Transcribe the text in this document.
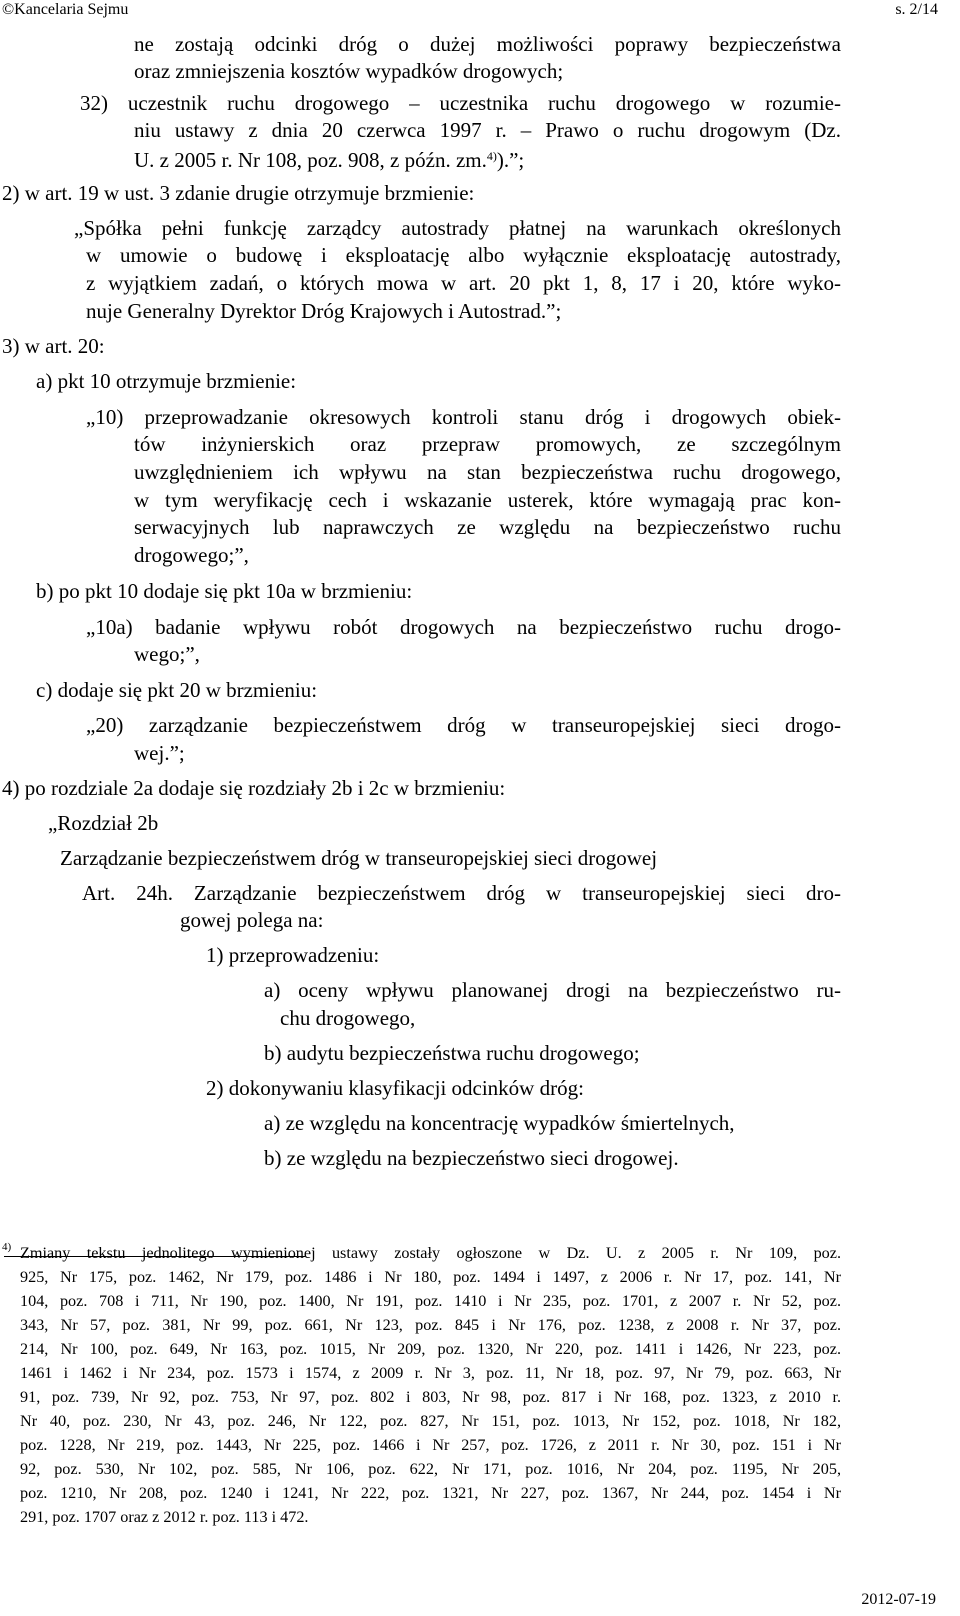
©Kancelaria Sejmu	s. 2/14
ne zostają odcinki dróg o dużej możliwości poprawy bezpieczeństwa
oraz zmniejszenia kosztów wypadków drogowych;
32) uczestnik ruchu drogowego – uczestnika ruchu drogowego w rozumie-
niu ustawy z dnia 20 czerwca 1997 r. – Prawo o ruchu drogowym (Dz.
U. z 2005 r. Nr 108, poz. 908, z późn. zm.$^{4)}$).”;
2) w art. 19 w ust. 3 zdanie drugie otrzymuje brzmienie:
„Spółka pełni funkcję zarządcy autostrady płatnej na warunkach określonych
w umowie o budowę i eksploatację albo wyłącznie eksploatację autostrady,
z wyjątkiem zadań, o których mowa w art. 20 pkt 1, 8, 17 i 20, które wyko-
nuje Generalny Dyrektor Dróg Krajowych i Autostrad.”;
3) w art. 20:
a) pkt 10 otrzymuje brzmienie:
„10) przeprowadzanie okresowych kontroli stanu dróg i drogowych obiek-
tów inżynierskich oraz przepraw promowych, ze szczególnym
uwzględnieniem ich wpływu na stan bezpieczeństwa ruchu drogowego,
w tym weryfikację cech i wskazanie usterek, które wymagają prac kon-
serwacyjnych lub naprawczych ze względu na bezpieczeństwo ruchu
drogowego;”,
b) po pkt 10 dodaje się pkt 10a w brzmieniu:
„10a) badanie wpływu robót drogowych na bezpieczeństwo ruchu drogo-
wego;”,
c) dodaje się pkt 20 w brzmieniu:
„20) zarządzanie bezpieczeństwem dróg w transeuropejskiej sieci drogo-
wej.”;
4) po rozdziale 2a dodaje się rozdziały 2b i 2c w brzmieniu:
„Rozdział 2b
Zarządzanie bezpieczeństwem dróg w transeuropejskiej sieci drogowej
Art. 24h. Zarządzanie bezpieczeństwem dróg w transeuropejskiej sieci dro-
gowej polega na:
1) przeprowadzeniu:
a) oceny wpływu planowanej drogi na bezpieczeństwo ru-
chu drogowego,
b) audytu bezpieczeństwa ruchu drogowego;
2) dokonywaniu klasyfikacji odcinków dróg:
a) ze względu na koncentrację wypadków śmiertelnych,
b) ze względu na bezpieczeństwo sieci drogowej.
$^{4)}$ Zmiany tekstu jednolitego wymienionej ustawy zostały ogłoszone w Dz. U. z 2005 r. Nr 109, poz.
925, Nr 175, poz. 1462, Nr 179, poz. 1486 i Nr 180, poz. 1494 i 1497, z 2006 r. Nr 17, poz. 141, Nr
104, poz. 708 i 711, Nr 190, poz. 1400, Nr 191, poz. 1410 i Nr 235, poz. 1701, z 2007 r. Nr 52, poz.
343, Nr 57, poz. 381, Nr 99, poz. 661, Nr 123, poz. 845 i Nr 176, poz. 1238, z 2008 r. Nr 37, poz.
214, Nr 100, poz. 649, Nr 163, poz. 1015, Nr 209, poz. 1320, Nr 220, poz. 1411 i 1426, Nr 223, poz.
1461 i 1462 i Nr 234, poz. 1573 i 1574, z 2009 r. Nr 3, poz. 11, Nr 18, poz. 97, Nr 79, poz. 663, Nr
91, poz. 739, Nr 92, poz. 753, Nr 97, poz. 802 i 803, Nr 98, poz. 817 i Nr 168, poz. 1323, z 2010 r.
Nr 40, poz. 230, Nr 43, poz. 246, Nr 122, poz. 827, Nr 151, poz. 1013, Nr 152, poz. 1018, Nr 182,
poz. 1228, Nr 219, poz. 1443, Nr 225, poz. 1466 i Nr 257, poz. 1726, z 2011 r. Nr 30, poz. 151 i Nr
92, poz. 530, Nr 102, poz. 585, Nr 106, poz. 622, Nr 171, poz. 1016, Nr 204, poz. 1195, Nr 205,
poz. 1210, Nr 208, poz. 1240 i 1241, Nr 222, poz. 1321, Nr 227, poz. 1367, Nr 244, poz. 1454 i Nr
291, poz. 1707 oraz z 2012 r. poz. 113 i 472.
2012-07-19
